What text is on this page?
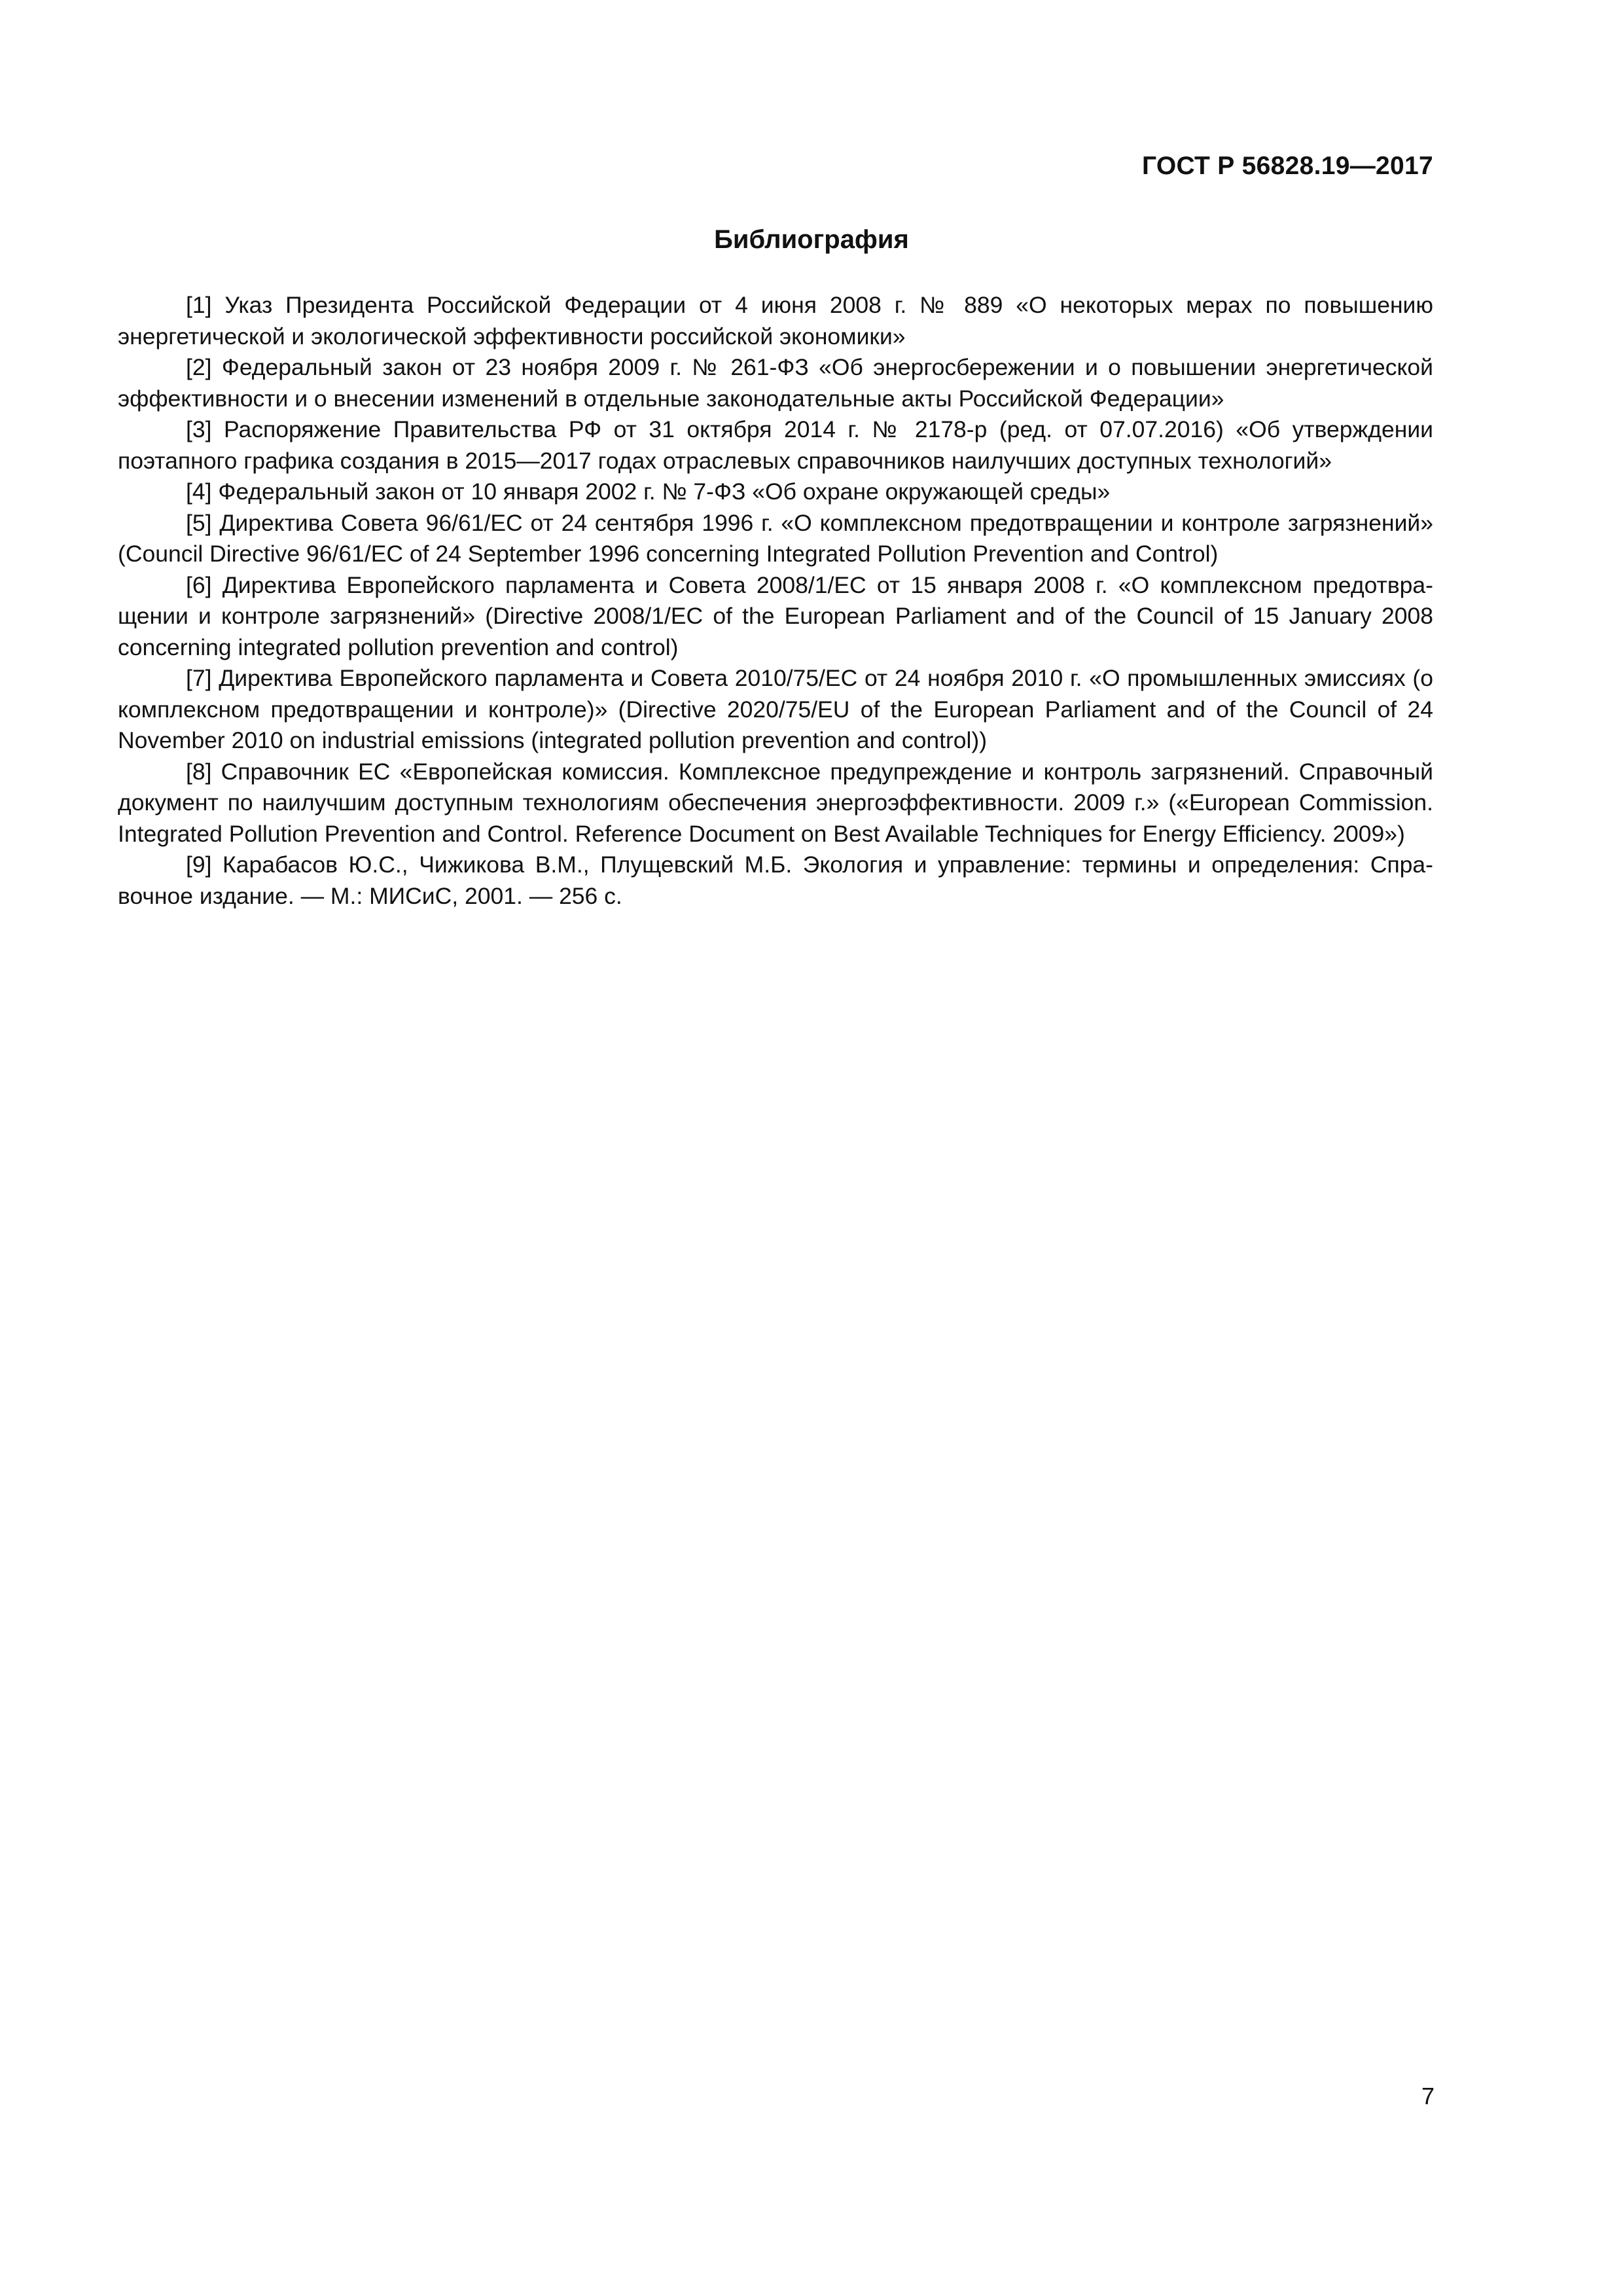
ГОСТ Р 56828.19—2017
Библиография
[1] Указ Президента Российской Федерации от 4 июня 2008 г. № 889 «О некоторых мерах по повышению энергетической и экологической эффективности российской экономики»
[2] Федеральный закон от 23 ноября 2009 г. № 261-ФЗ «Об энергосбережении и о повышении энергетической эффективности и о внесении изменений в отдельные законодательные акты Российской Федерации»
[3] Распоряжение Правительства РФ от 31 октября 2014 г. № 2178-р (ред. от 07.07.2016) «Об утверждении поэтапного графика создания в 2015—2017 годах отраслевых справочников наилучших доступных технологий»
[4] Федеральный закон от 10 января 2002 г. № 7-ФЗ «Об охране окружающей среды»
[5] Директива Совета 96/61/ЕС от 24 сентября 1996 г. «О комплексном предотвращении и контроле загрязнений» (Council Directive 96/61/EC of 24 September 1996 concerning Integrated Pollution Prevention and Control)
[6] Директива Европейского парламента и Совета 2008/1/ЕС от 15 января 2008 г. «О комплексном предотвращении и контроле загрязнений» (Directive 2008/1/EC of the European Parliament and of the Council of 15 January 2008 concerning integrated pollution prevention and control)
[7] Директива Европейского парламента и Совета 2010/75/ЕС от 24 ноября 2010 г. «О промышленных эмиссиях (о комплексном предотвращении и контроле)» (Directive 2020/75/EU of the European Parliament and of the Council of 24 November 2010 on industrial emissions (integrated pollution prevention and control))
[8] Справочник ЕС «Европейская комиссия. Комплексное предупреждение и контроль загрязнений. Справочный документ по наилучшим доступным технологиям обеспечения энергоэффективности. 2009 г.» («European Commission. Integrated Pollution Prevention and Control. Reference Document on Best Available Techniques for Energy Efficiency. 2009»)
[9] Карабасов Ю.С., Чижикова В.М., Плущевский М.Б. Экология и управление: термины и определения: Справочное издание. — М.: МИСиС, 2001. — 256 с.
7
